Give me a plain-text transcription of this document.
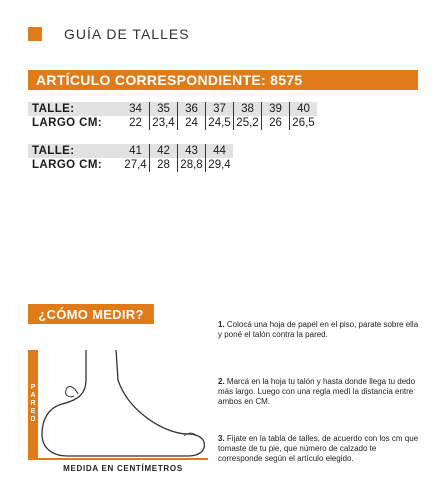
GUÍA DE TALLES
ARTÍCULO CORRESPONDIENTE: 8575
TALLE:	34	35	36	37	38	39	40	
LARGO CM:	22	23,4	24	24,5	25,2	26	26,5	
TALLE:	41	42	43	44	
LARGO CM:	27,4	28	28,8	29,4	
¿CÓMO MEDIR?
P
A
R
E
D
MEDIDA EN CENTÍMETROS
1. Colocá una hoja de papel en el piso, parate sobre ella y poné el talón contra la pared.
2. Marcá en la hoja tu talón y hasta donde llega tu dedo más largo. Luego con una regla medí la distancia entre ambos en CM.
3. Fijate en la tabla de talles, de acuerdo con los cm que tomaste de tu pie, que número de calzado te corresponde según el artículo elegido.
